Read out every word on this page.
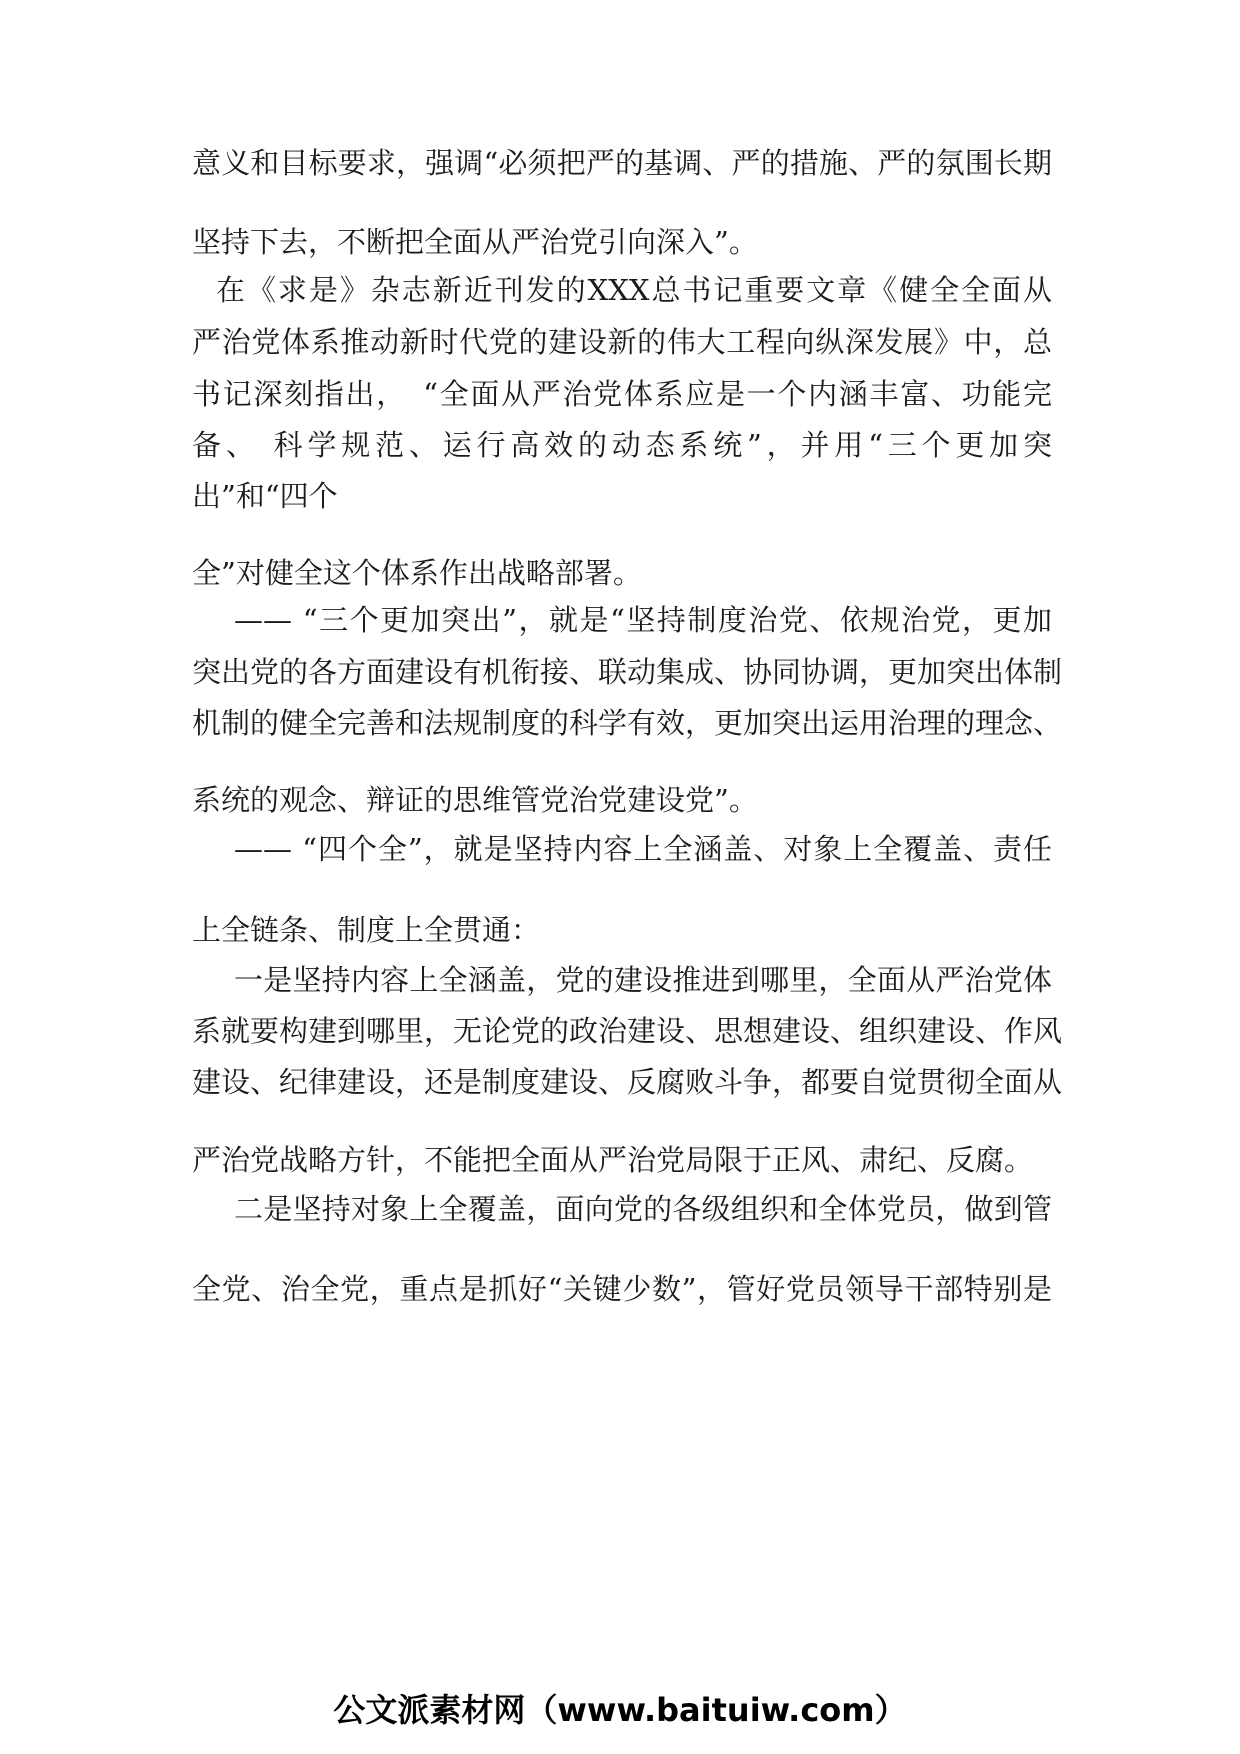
意义和目标要求，强调“必须把严的基调、严的措施、严的氛围长期

坚持下去，不断把全面从严治党引向深入”。

在《求是》杂志新近刊发的XXX总书记重要文章《健全全面从

严治党体系推动新时代党的建设新的伟大工程向纵深发展》中，总

书记深刻指出，　“全面从严治党体系应是一个内涵丰富、功能完

备、 科学规范、运行高效的动态系统”，并用“三个更加突

出”和“四个

全”对健全这个体系作出战略部署。

—— “三个更加突出”，就是“坚持制度治党、依规治党，更加

突出党的各方面建设有机衔接、联动集成、协同协调，更加突出体制

机制的健全完善和法规制度的科学有效，更加突出运用治理的理念、

系统的观念、辩证的思维管党治党建设党”。

—— “四个全”，就是坚持内容上全涵盖、对象上全覆盖、责任

上全链条、制度上全贯通：

一是坚持内容上全涵盖，党的建设推进到哪里，全面从严治党体

系就要构建到哪里，无论党的政治建设、思想建设、组织建设、作风

建设、纪律建设，还是制度建设、反腐败斗争，都要自觉贯彻全面从

严治党战略方针，不能把全面从严治党局限于正风、肃纪、反腐。

二是坚持对象上全覆盖，面向党的各级组织和全体党员，做到管

全党、治全党，重点是抓好“关键少数”，管好党员领导干部特别是

公文派素材网（www.baituiw.com）
